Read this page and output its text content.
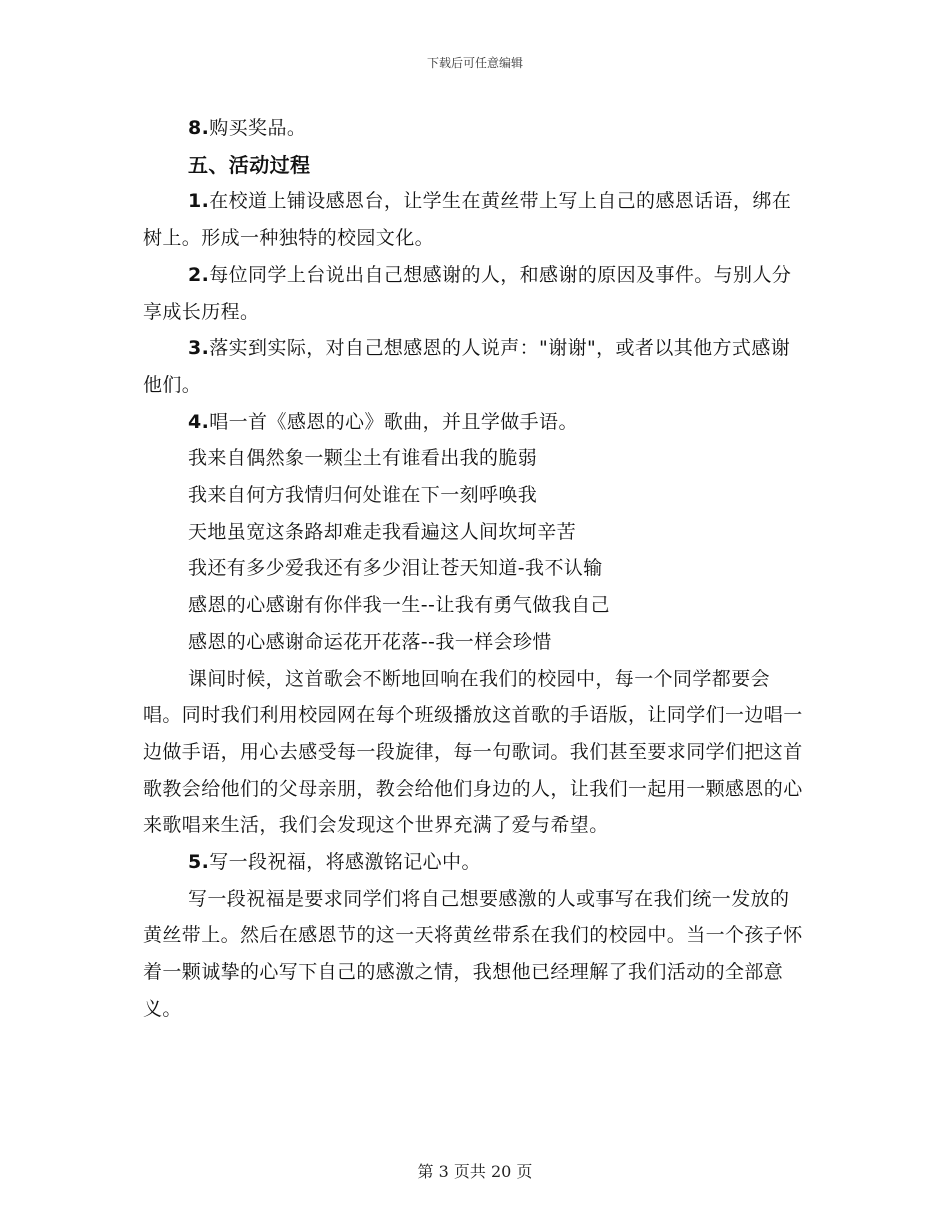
下载后可任意编辑

8.购买奖品。

五、活动过程

1.在校道上铺设感恩台，让学生在黄丝带上写上自己的感恩话语，绑在树上。形成一种独特的校园文化。

2.每位同学上台说出自己想感谢的人，和感谢的原因及事件。与别人分享成长历程。

3.落实到实际，对自己想感恩的人说声："谢谢"，或者以其他方式感谢他们。

4.唱一首《感恩的心》歌曲，并且学做手语。

我来自偶然象一颗尘土有谁看出我的脆弱

我来自何方我情归何处谁在下一刻呼唤我

天地虽宽这条路却难走我看遍这人间坎坷辛苦

我还有多少爱我还有多少泪让苍天知道-我不认输

感恩的心感谢有你伴我一生--让我有勇气做我自己

感恩的心感谢命运花开花落--我一样会珍惜

课间时候，这首歌会不断地回响在我们的校园中，每一个同学都要会唱。同时我们利用校园网在每个班级播放这首歌的手语版，让同学们一边唱一边做手语，用心去感受每一段旋律，每一句歌词。我们甚至要求同学们把这首歌教会给他们的父母亲朋，教会给他们身边的人，让我们一起用一颗感恩的心来歌唱来生活，我们会发现这个世界充满了爱与希望。

5.写一段祝福，将感激铭记心中。

写一段祝福是要求同学们将自己想要感激的人或事写在我们统一发放的黄丝带上。然后在感恩节的这一天将黄丝带系在我们的校园中。当一个孩子怀着一颗诚挚的心写下自己的感激之情，我想他已经理解了我们活动的全部意义。

第 3 页共 20 页
